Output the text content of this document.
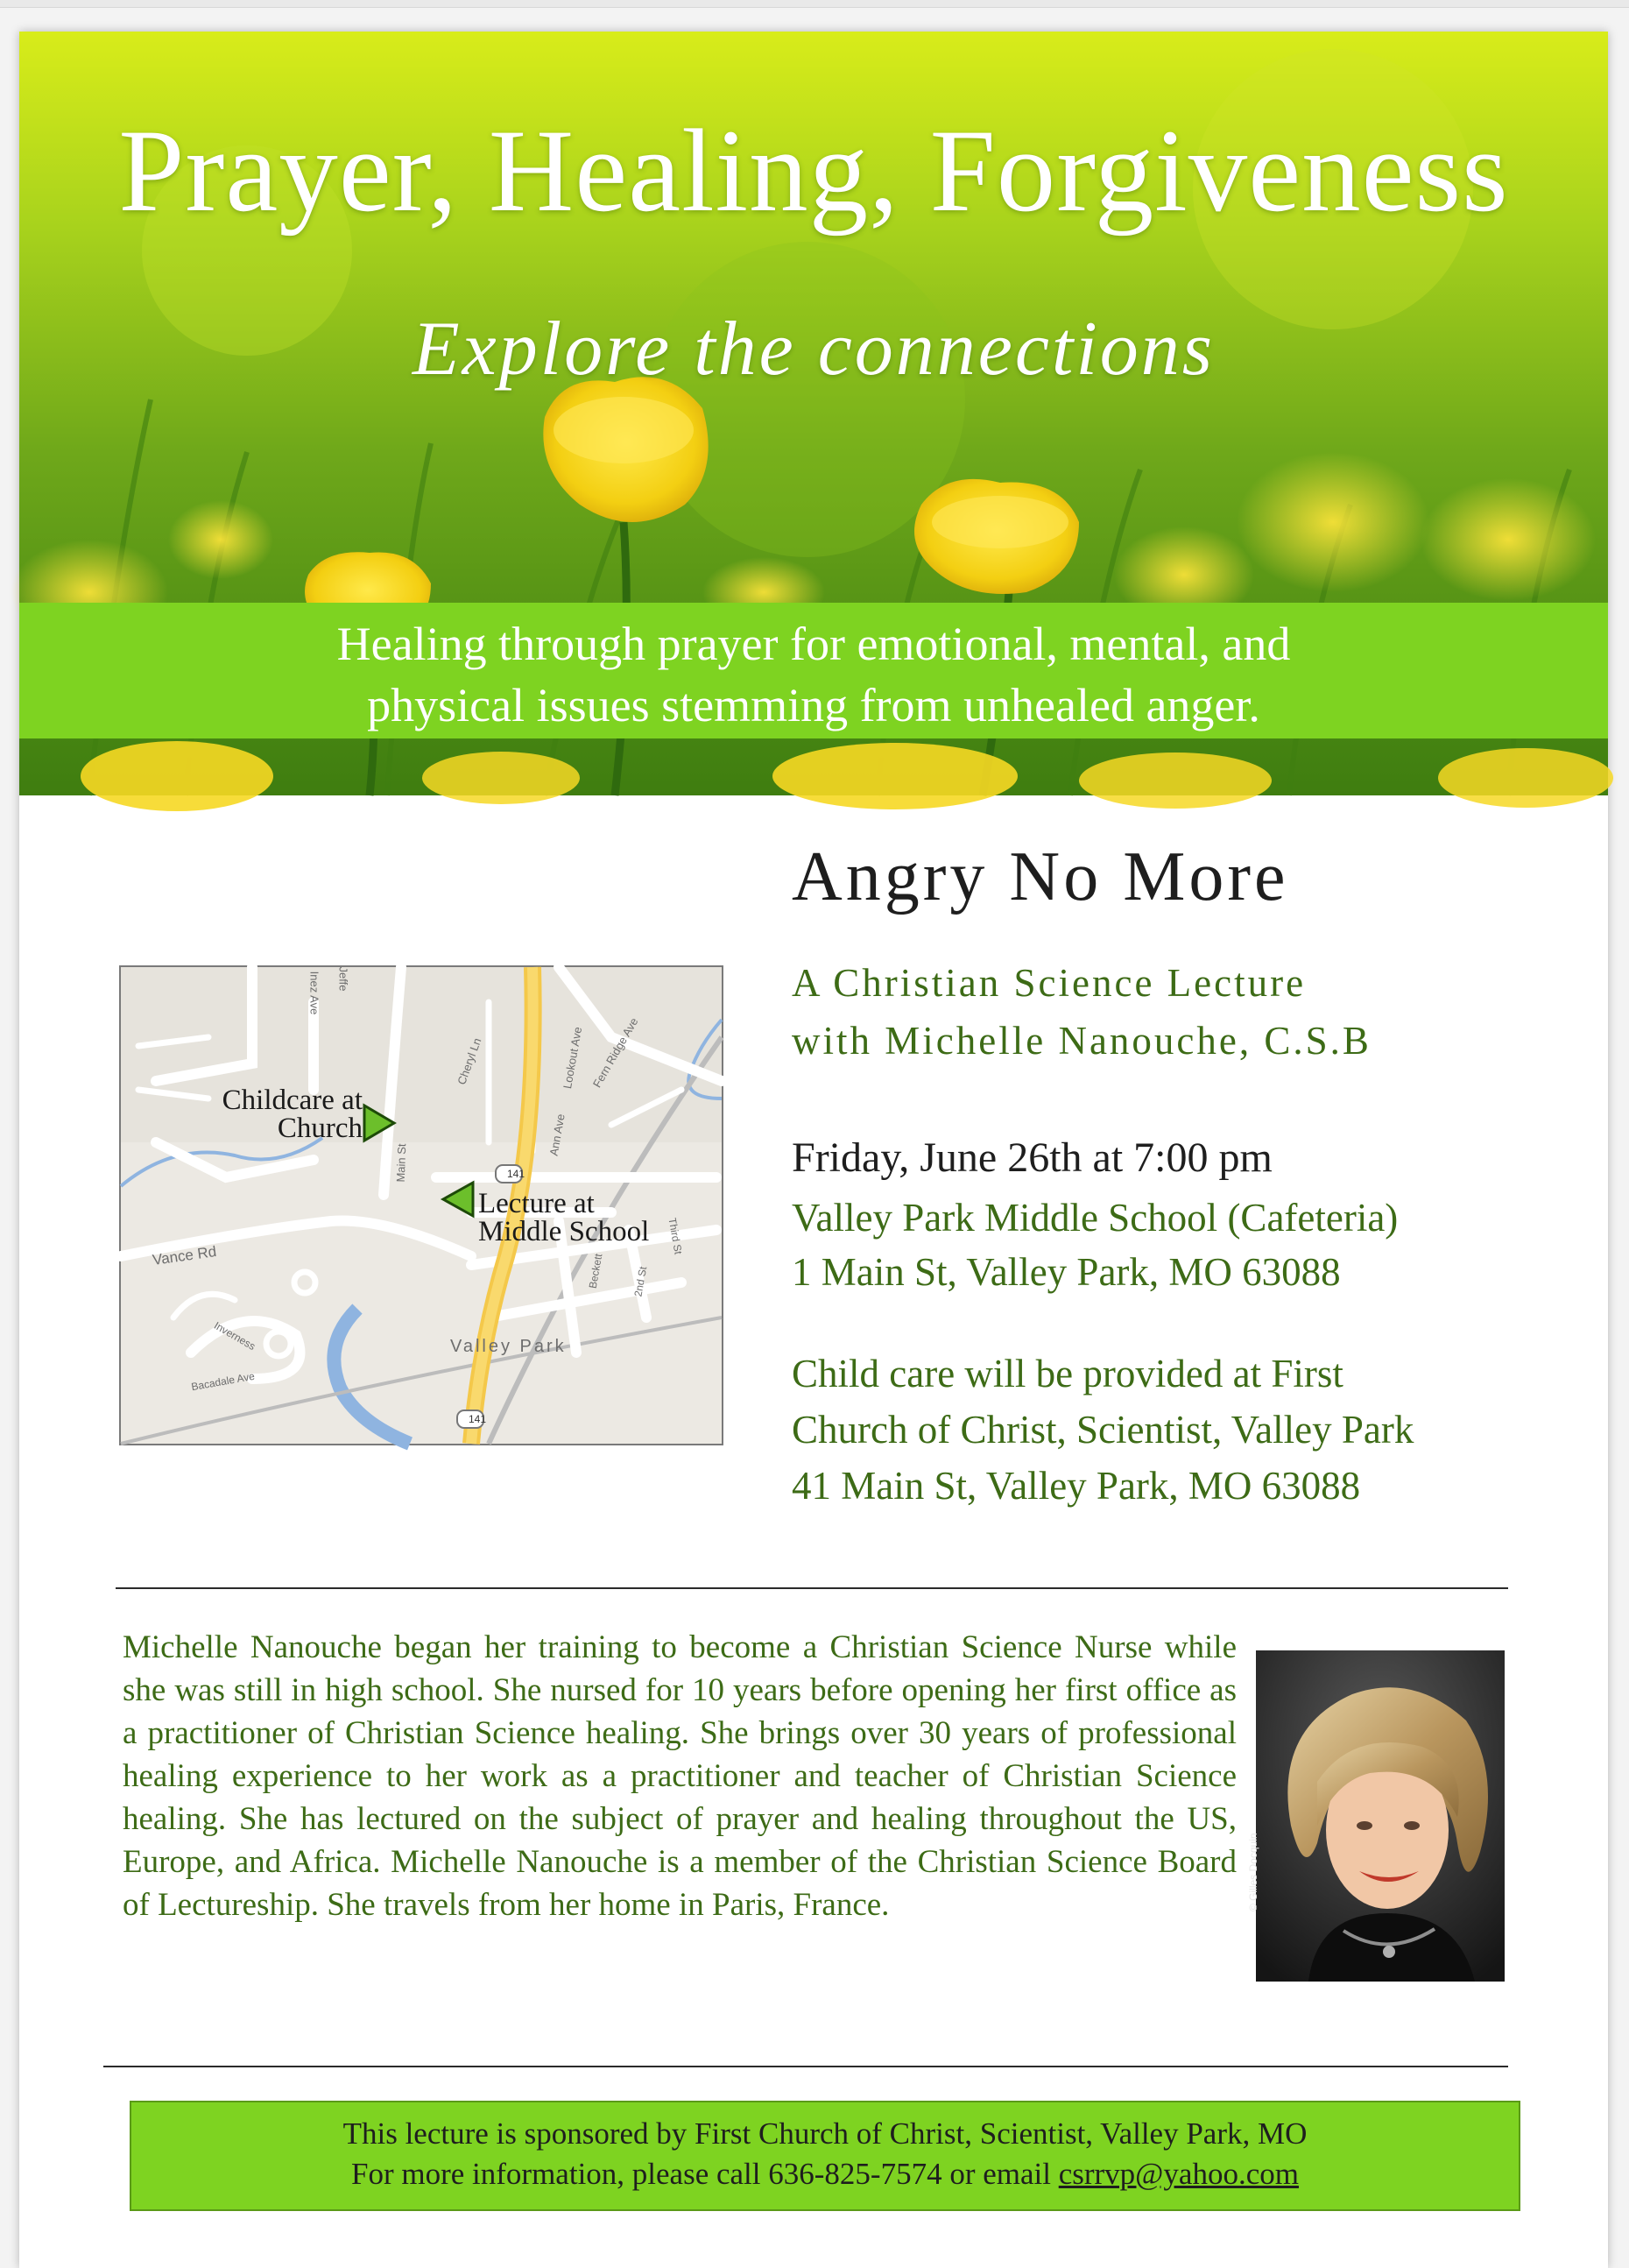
Prayer, Healing, Forgiveness

Explore the connections

Healing through prayer for emotional, mental, and
physical issues stemming from unhealed anger.
Inez Ave Jeffe
Cheryl Ln	Lookout Ave Fern Ridge Ave
Ann Ave
Main St	141
141
Vance Rd
Valley Park
Beckett	2nd St
Third St
Inverness
Bacadale Ave
Childcare at
Church
Lecture at
Middle School
Angry No More
A Christian Science Lecture
with Michelle Nanouche, C.S.B
Friday, June 26th at 7:00 pm
Valley Park Middle School (Cafeteria)
1 Main St, Valley Park, MO 63088
Child care will be provided at First
Church of Christ, Scientist, Valley Park
41 Main St, Valley Park, MO 63088

Michelle Nanouche began her training to become a Christian Science Nurse while she was still in high school. She nursed for 10 years before opening her first office as a practitioner of Christian Science healing. She brings over 30 years of professional healing experience to her work as a practitioner and teacher of Christian Science healing. She has lectured on the subject of prayer and healing throughout the US, Europe, and Africa. Michelle Nanouche is a member of the Christian Science Board of Lectureship. She travels from her home in Paris, France.	© Gilles Docquin
This lecture is sponsored by First Church of Christ, Scientist, Valley Park, MO
For more information, please call 636-825-7574 or email csrrvp@yahoo.com
